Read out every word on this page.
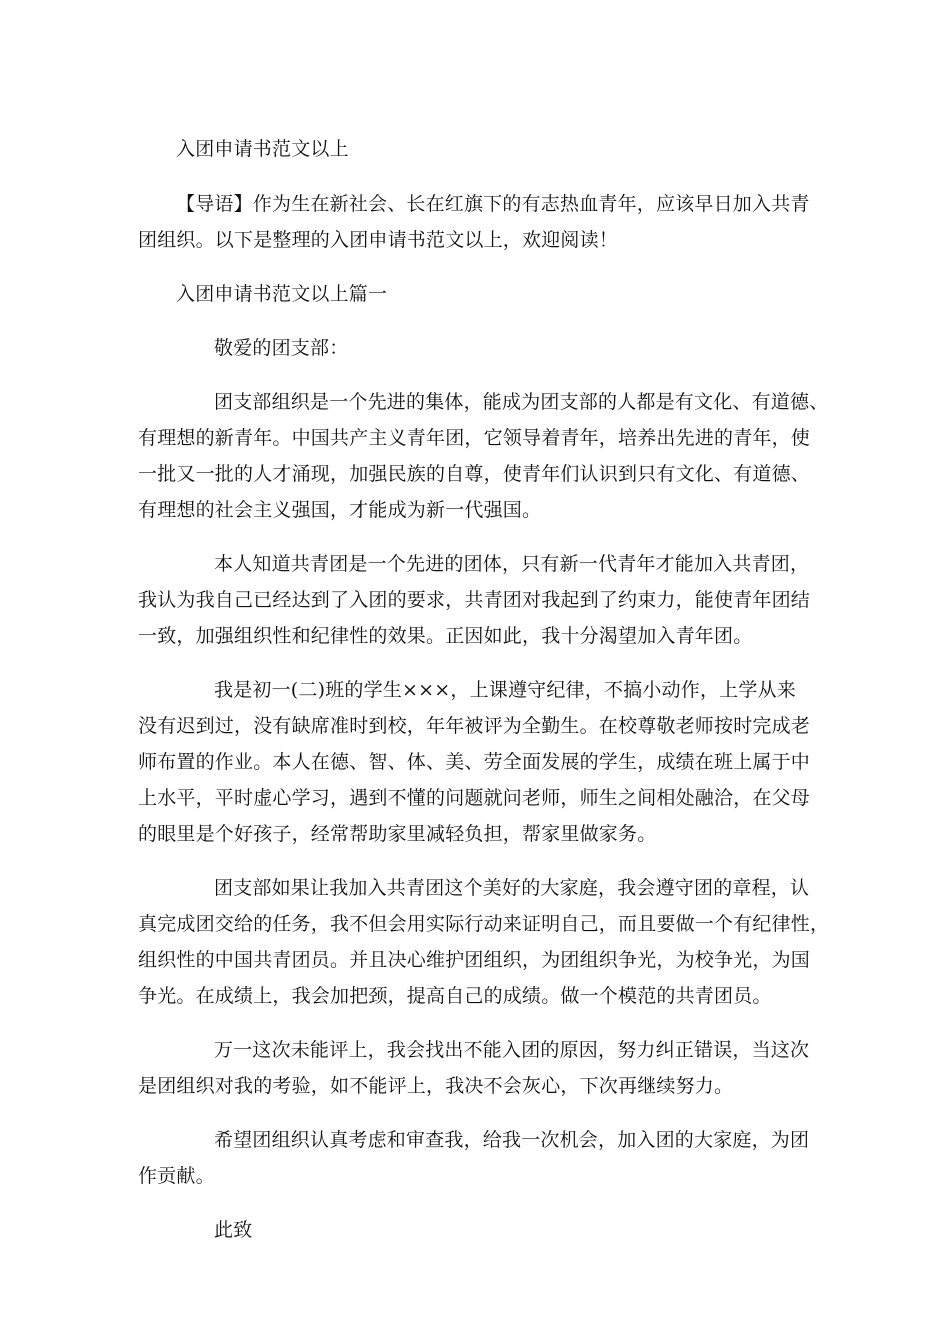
入团申请书范文以上
【导语】作为生在新社会、长在红旗下的有志热血青年，应该早日加入共青
团组织。以下是整理的入团申请书范文以上，欢迎阅读！
入团申请书范文以上篇一
敬爱的团支部：
团支部组织是一个先进的集体，能成为团支部的人都是有文化、有道德、
有理想的新青年。中国共产主义青年团，它领导着青年，培养出先进的青年，使
一批又一批的人才涌现，加强民族的自尊，使青年们认识到只有文化、有道德、
有理想的社会主义强国，才能成为新一代强国。
本人知道共青团是一个先进的团体，只有新一代青年才能加入共青团，
我认为我自己已经达到了入团的要求，共青团对我起到了约束力，能使青年团结
一致，加强组织性和纪律性的效果。正因如此，我十分渴望加入青年团。
我是初一(二)班的学生×××，上课遵守纪律，不搞小动作，上学从来
没有迟到过，没有缺席准时到校，年年被评为全勤生。在校尊敬老师按时完成老
师布置的作业。本人在德、智、体、美、劳全面发展的学生，成绩在班上属于中
上水平，平时虚心学习，遇到不懂的问题就问老师，师生之间相处融洽，在父母
的眼里是个好孩子，经常帮助家里减轻负担，帮家里做家务。
团支部如果让我加入共青团这个美好的大家庭，我会遵守团的章程，认
真完成团交给的任务，我不但会用实际行动来证明自己，而且要做一个有纪律性，
组织性的中国共青团员。并且决心维护团组织，为团组织争光，为校争光，为国
争光。在成绩上，我会加把颈，提高自己的成绩。做一个模范的共青团员。
万一这次未能评上，我会找出不能入团的原因，努力纠正错误，当这次
是团组织对我的考验，如不能评上，我决不会灰心，下次再继续努力。
希望团组织认真考虑和审查我，给我一次机会，加入团的大家庭，为团
作贡献。
此致
